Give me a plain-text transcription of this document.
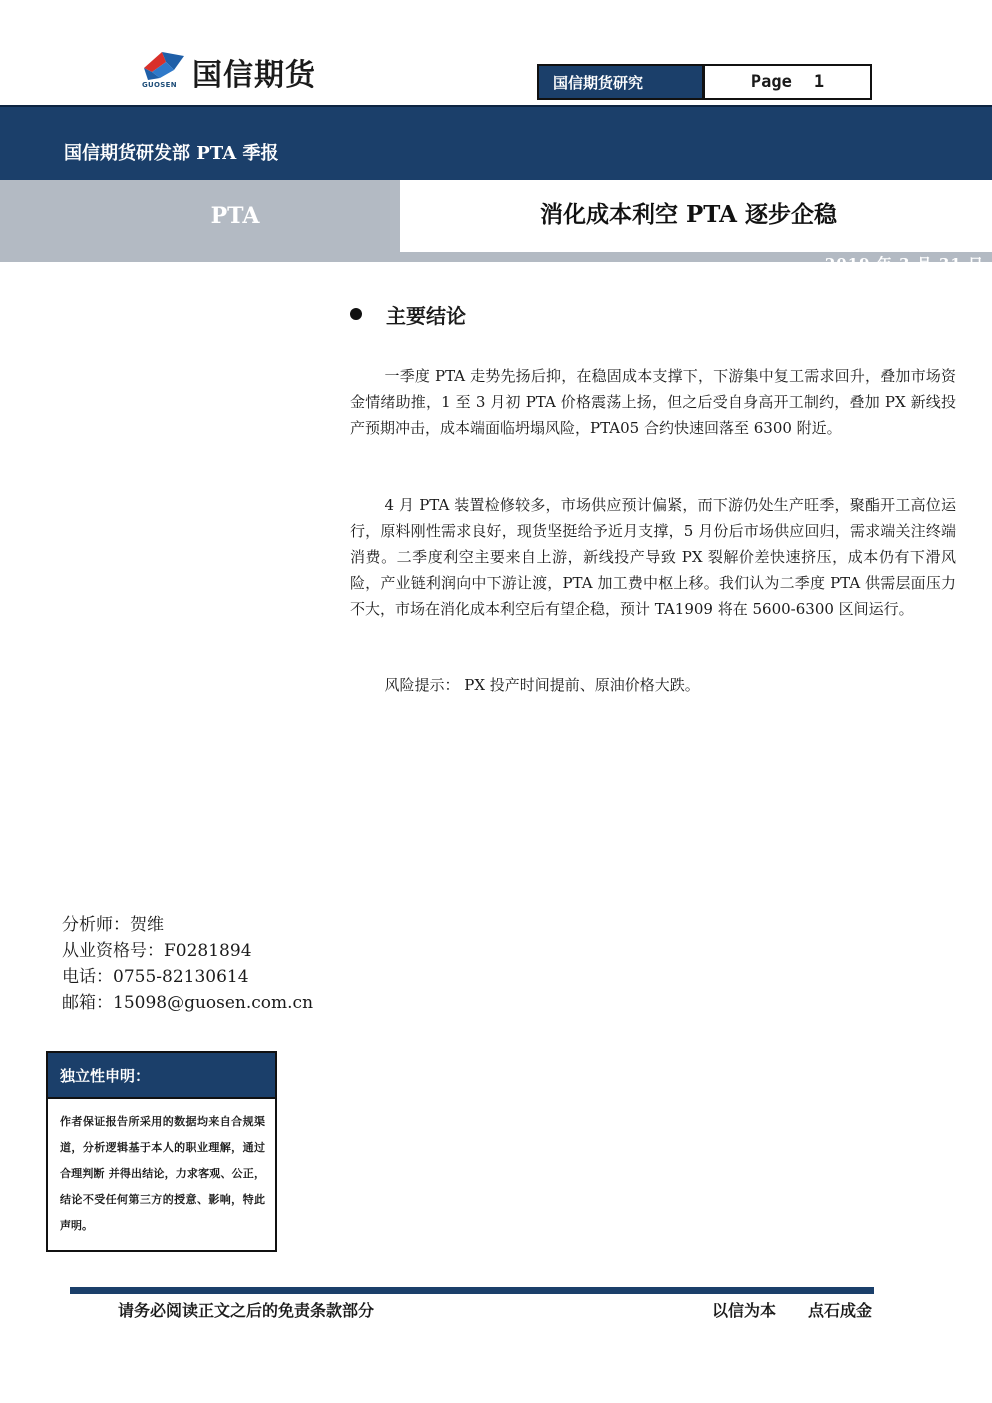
GUOSEN 国信期货	国信期货研究	Page 1
国信期货研发部 PTA 季报
PTA	消化成本利空 PTA 逐步企稳
2019 年 3 月 31 日
主要结论

一季度 PTA 走势先扬后抑，在稳固成本支撑下，下游集中复工需求回升，叠加市场资金情绪助推，1 至 3 月初 PTA 价格震荡上扬，但之后受自身高开工制约，叠加 PX 新线投产预期冲击，成本端面临坍塌风险，PTA05 合约快速回落至 6300 附近。

4 月 PTA 装置检修较多，市场供应预计偏紧，而下游仍处生产旺季，聚酯开工高位运行，原料刚性需求良好，现货坚挺给予近月支撑，5 月份后市场供应回归，需求端关注终端消费。二季度利空主要来自上游，新线投产导致 PX 裂解价差快速挤压，成本仍有下滑风险，产业链利润向中下游让渡，PTA 加工费中枢上移。我们认为二季度 PTA 供需层面压力不大，市场在消化成本利空后有望企稳，预计 TA1909 将在 5600-6300 区间运行。

风险提示： PX 投产时间提前、原油价格大跌。

分析师：贺维
从业资格号：F0281894
电话：0755-82130614
邮箱：15098@guosen.com.cn
独立性申明：
作者保证报告所采用的数据均来自合规渠道，分析逻辑基于本人的职业理解，通过合理判断 并得出结论，力求客观、公正，结论不受任何第三方的授意、影响，特此声明。
请务必阅读正文之后的免责条款部分	以信为本 点石成金
